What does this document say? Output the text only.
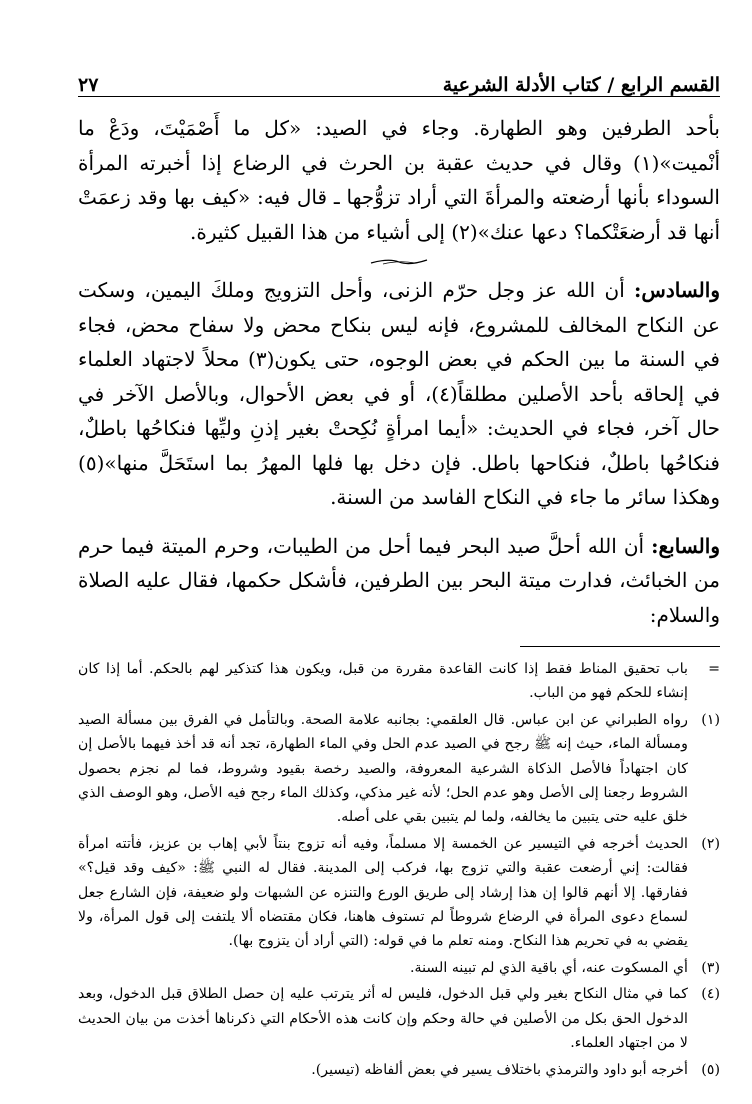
القسم الرابع / كتاب الأدلة الشرعية
٢٧

بأحد الطرفين وهو الطهارة. وجاء في الصيد: «كل ما أَصْمَيْتَ، ودَعْ ما أنْميت»(١) وقال في حديث عقبة بن الحرث في الرضاع إذا أخبرته المرأة السوداء بأنها أرضعته والمرأةَ التي أراد تزوُّجها ـ قال فيه: «كيف بها وقد زعمَتْ أنها قد أرضعَتْكما؟ دعها عنك»(٢) إلى أشياء من هذا القبيل كثيرة.

والسادس: أن الله عز وجل حرّم الزنى، وأحل التزويج وملكَ اليمين، وسكت عن النكاح المخالف للمشروع، فإنه ليس بنكاح محض ولا سفاح محض، فجاء في السنة ما بين الحكم في بعض الوجوه، حتى يكون(٣) محلاً لاجتهاد العلماء في إلحاقه بأحد الأصلين مطلقاً(٤)، أو في بعض الأحوال، وبالأصل الآخر في حال آخر، فجاء في الحديث: «أيما امرأةٍ نُكِحتْ بغير إذنِ وليِّها فنكاحُها باطلٌ، فنكاحُها باطلٌ، فنكاحها باطل. فإن دخل بها فلها المهرُ بما استَحَلَّ منها»(٥) وهكذا سائر ما جاء في النكاح الفاسد من السنة.

والسابع: أن الله أحلَّ صيد البحر فيما أحل من الطيبات، وحرم الميتة فيما حرم من الخبائث، فدارت ميتة البحر بين الطرفين، فأشكل حكمها، فقال عليه الصلاة والسلام:

=
باب تحقيق المناط فقط إذا كانت القاعدة مقررة من قبل، ويكون هذا كتذكير لهم بالحكم. أما إذا كان إنشاء للحكم فهو من الباب.
(١)
رواه الطبراني عن ابن عباس. قال العلقمي: بجانبه علامة الصحة. وبالتأمل في الفرق بين مسألة الصيد ومسألة الماء، حيث إنه ﷺ رجح في الصيد عدم الحل وفي الماء الطهارة، تجد أنه قد أخذ فيهما بالأصل إن كان اجتهاداً فالأصل الذكاة الشرعية المعروفة، والصيد رخصة بقيود وشروط، فما لم نجزم بحصول الشروط رجعنا إلى الأصل وهو عدم الحل؛ لأنه غير مذكي، وكذلك الماء رجح فيه الأصل، وهو الوصف الذي خلق عليه حتى يتبين ما يخالفه، ولما لم يتبين بقي على أصله.
(٢)
الحديث أخرجه في التيسير عن الخمسة إلا مسلماً، وفيه أنه تزوج بنتاً لأبي إهاب بن عزيز، فأتته امرأة فقالت: إني أرضعت عقبة والتي تزوج بها، فركب إلى المدينة. فقال له النبي ﷺ: «كيف وقد قيل؟» ففارقها. إلا أنهم قالوا إن هذا إرشاد إلى طريق الورع والتنزه عن الشبهات ولو ضعيفة، فإن الشارع جعل لسماع دعوى المرأة في الرضاع شروطاً لم تستوف هاهنا، فكان مقتضاه ألا يلتفت إلى قول المرأة، ولا يقضي به في تحريم هذا النكاح. ومنه تعلم ما في قوله: (التي أراد أن يتزوج بها).
(٣)
أي المسكوت عنه، أي باقية الذي لم تبينه السنة.
(٤)
كما في مثال النكاح بغير ولي قبل الدخول، فليس له أثر يترتب عليه إن حصل الطلاق قبل الدخول، وبعد الدخول الحق بكل من الأصلين في حالة وحكم وإن كانت هذه الأحكام التي ذكرناها أخذت من بيان الحديث لا من اجتهاد العلماء.
(٥)
أخرجه أبو داود والترمذي باختلاف يسير في بعض ألفاظه (تيسير).
